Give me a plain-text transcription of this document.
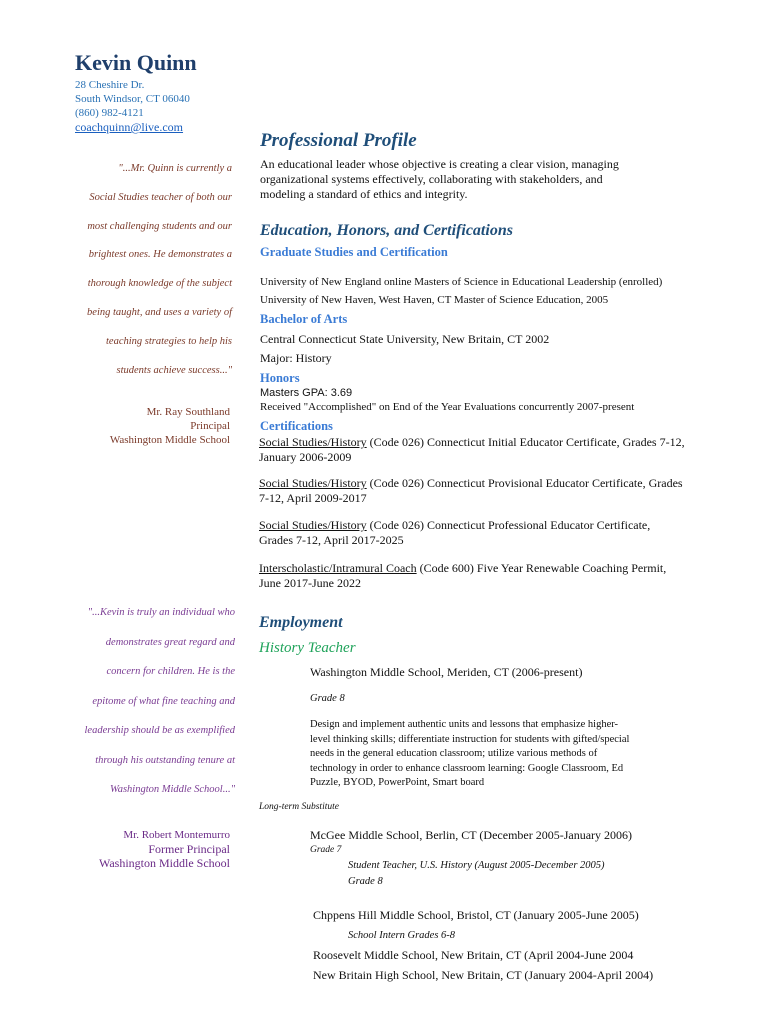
Kevin Quinn
28 Cheshire Dr.
South Windsor, CT 06040
(860) 982-4121
coachquinn@live.com
"...Mr. Quinn is currently a
Social Studies teacher of both our
most challenging students and our
brightest ones. He demonstrates a
thorough knowledge of the subject
being taught, and uses a variety of
teaching strategies to help his
students achieve success..."
Mr. Ray Southland
Principal
Washington Middle School
"...Kevin is truly an individual who
demonstrates great regard and
concern for children. He is the
epitome of what fine teaching and
leadership should be as exemplified
through his outstanding tenure at
Washington Middle School..."
Mr. Robert Montemurro
Former Principal
Washington Middle School
Professional Profile
An educational leader whose objective is creating a clear vision, managing
organizational systems effectively, collaborating with stakeholders, and
modeling a standard of ethics and integrity.
Education, Honors, and Certifications
Graduate Studies and Certification
University of New England online Masters of Science in Educational Leadership (enrolled)
University of New Haven, West Haven, CT Master of Science Education, 2005
Bachelor of Arts
Central Connecticut State University, New Britain, CT 2002
Major: History
Honors
Masters GPA: 3.69
Received "Accomplished" on End of the Year Evaluations concurrently 2007-present
Certifications
Social Studies/History (Code 026) Connecticut Initial Educator Certificate, Grades 7-12,
January 2006-2009
Social Studies/History (Code 026) Connecticut Provisional Educator Certificate, Grades
7-12, April 2009-2017
Social Studies/History (Code 026) Connecticut Professional Educator Certificate,
Grades 7-12, April 2017-2025
Interscholastic/Intramural Coach (Code 600) Five Year Renewable Coaching Permit,
June 2017-June 2022
Employment
History Teacher
Washington Middle School, Meriden, CT (2006-present)
Grade 8
Design and implement authentic units and lessons that emphasize higher-
level thinking skills; differentiate instruction for students with gifted/special
needs in the general education classroom; utilize various methods of
technology in order to enhance classroom learning: Google Classroom, Ed
Puzzle, BYOD, PowerPoint, Smart board
Long-term Substitute
McGee Middle School, Berlin, CT (December 2005-January 2006)
Grade 7
Student Teacher, U.S. History (August 2005-December 2005)
Grade 8
Chppens Hill Middle School, Bristol, CT (January 2005-June 2005)
School Intern Grades 6-8
Roosevelt Middle School, New Britain, CT (April 2004-June 2004
New Britain High School, New Britain, CT (January 2004-April 2004)
